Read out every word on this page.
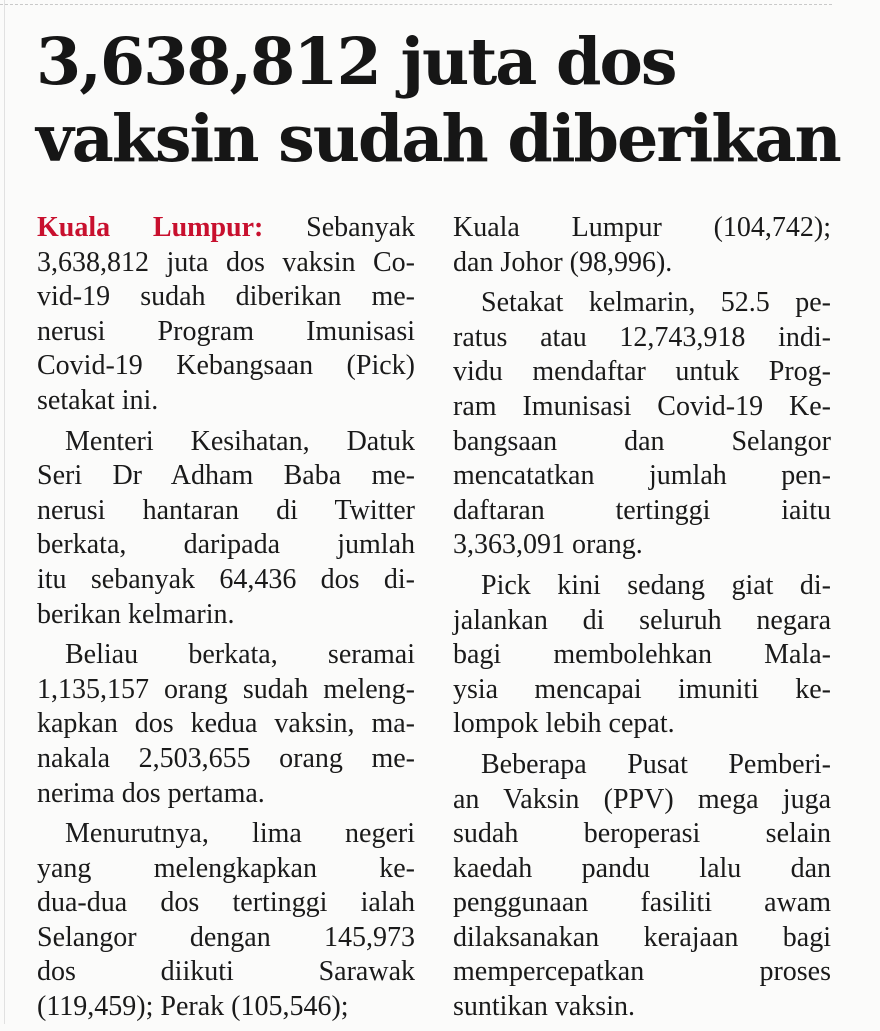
3,638,812 juta dos
vaksin sudah diberikan

Kuala Lumpur: Sebanyak
3,638,812 juta dos vaksin Co-
vid-19 sudah diberikan me-
nerusi Program Imunisasi
Covid-19 Kebangsaan (Pick)
setakat ini.

Menteri Kesihatan, Datuk
Seri Dr Adham Baba me-
nerusi hantaran di Twitter
berkata, daripada jumlah
itu sebanyak 64,436 dos di-
berikan kelmarin.

Beliau berkata, seramai
1,135,157 orang sudah meleng-
kapkan dos kedua vaksin, ma-
nakala 2,503,655 orang me-
nerima dos pertama.

Menurutnya, lima negeri
yang melengkapkan ke-
dua-dua dos tertinggi ialah
Selangor dengan 145,973
dos diikuti Sarawak
(119,459); Perak (105,546);

Kuala Lumpur (104,742);
dan Johor (98,996).

Setakat kelmarin, 52.5 pe-
ratus atau 12,743,918 indi-
vidu mendaftar untuk Prog-
ram Imunisasi Covid-19 Ke-
bangsaan dan Selangor
mencatatkan jumlah pen-
daftaran tertinggi iaitu
3,363,091 orang.

Pick kini sedang giat di-
jalankan di seluruh negara
bagi membolehkan Mala-
ysia mencapai imuniti ke-
lompok lebih cepat.

Beberapa Pusat Pemberi-
an Vaksin (PPV) mega juga
sudah beroperasi selain
kaedah pandu lalu dan
penggunaan fasiliti awam
dilaksanakan kerajaan bagi
mempercepatkan proses
suntikan vaksin.
